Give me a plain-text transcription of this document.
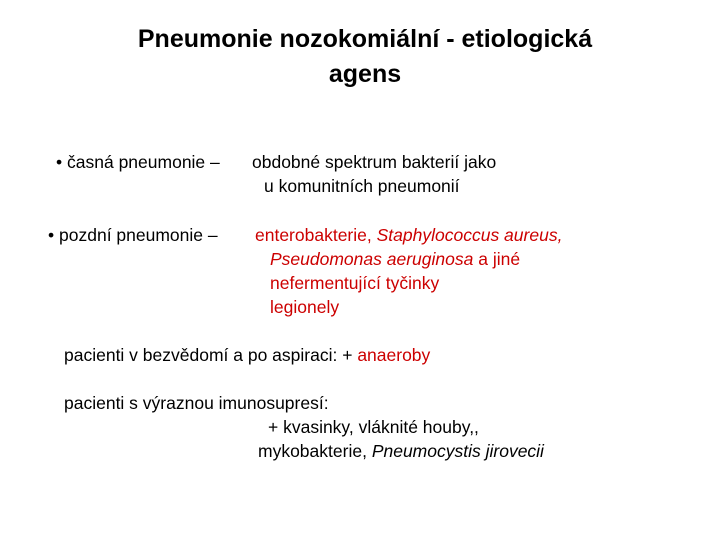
Pneumonie nozokomiální - etiologická
agens
• časná pneumonie – obdobné spektrum bakterií jako
u komunitních pneumonií
• pozdní pneumonie – enterobakterie, Staphylococcus aureus,
Pseudomonas aeruginosa a jiné
nefermentující tyčinky
legionely
pacienti v bezvědomí a po aspiraci: + anaeroby
pacienti s výraznou imunosupresí:
+ kvasinky, vláknité houby,,
mykobakterie, Pneumocystis jirovecii
